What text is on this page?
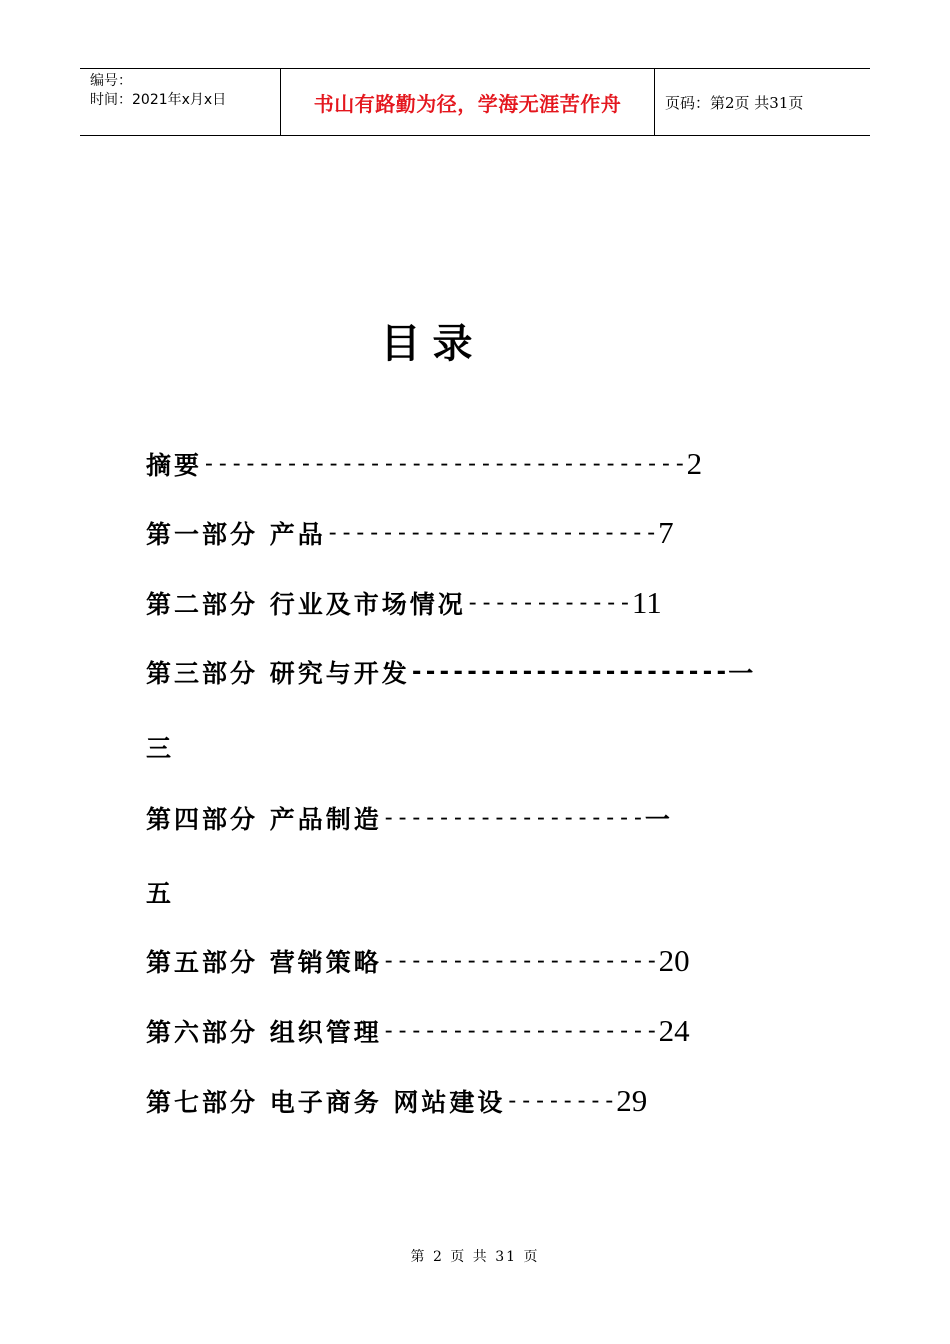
编号：
时间：2021年x月x日	书山有路勤为径，学海无涯苦作舟	页码：第2页 共31页
目录
摘要 ----------------------------------- 2
第一部分 产品 ------------------------ 7
第二部分 行业及市场情况 ------------ 11
第三部分 研究与开发 ----------------------- 一
三
第四部分 产品制造 ------------------- 一
五
第五部分 营销策略 -------------------- 20
第六部分 组织管理 -------------------- 24
第七部分 电子商务 网站建设 -------- 29
第 2 页 共 31 页
